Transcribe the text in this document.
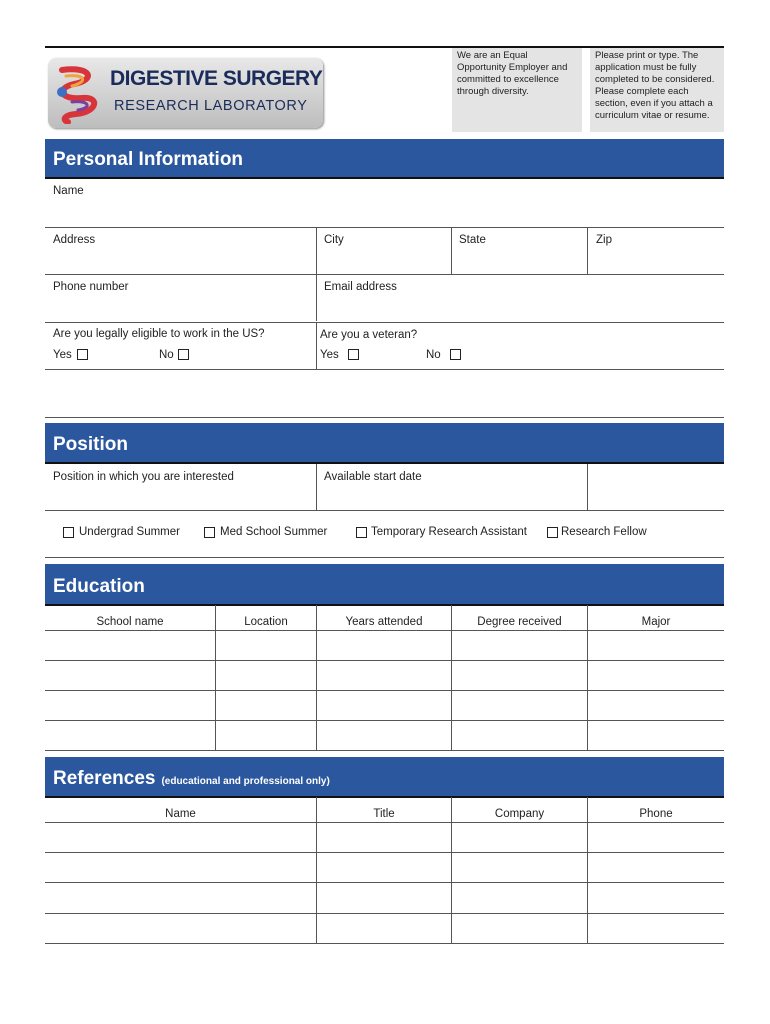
DIGESTIVE SURGERY
RESEARCH LABORATORY
We are an Equal Opportunity Employer and committed to excellence through diversity.
Please print or type. The application must be fully completed to be considered. Please complete each section, even if you attach a curriculum vitae or resume.
Personal Information
Name
Address	City	State	Zip
Phone number	Email address
Are you legally eligible to work in the US?	Are you a veteran?
Yes	No	Yes	No
Position
Position in which you are interested	Available start date
Undergrad Summer	Med School Summer	Temporary Research Assistant	Research Fellow
Education
School name	Location	Years attended	Degree received	Major
References (educational and professional only)
Name	Title	Company	Phone
